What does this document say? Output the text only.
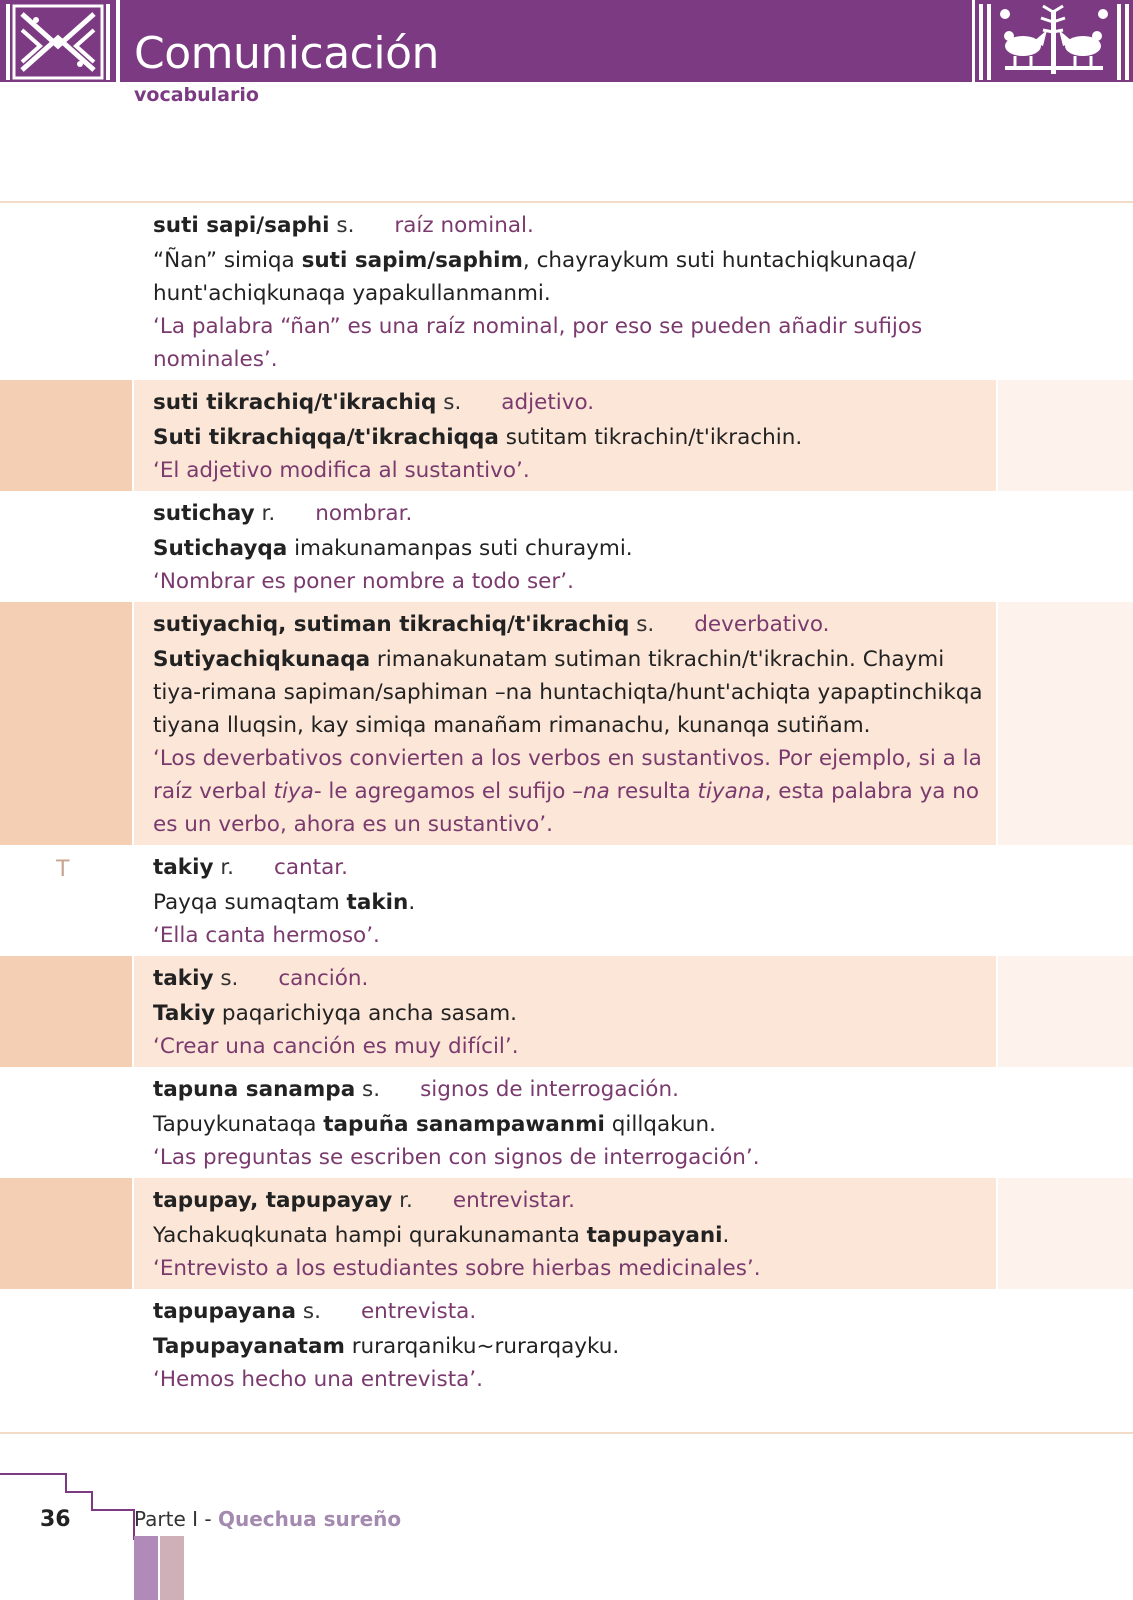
Comunicación
vocabulario

suti sapi/saphi s. raíz nominal.

“Ñan” simiqa suti sapim/saphim, chayraykum suti huntachiqkunaqa/ hunt'achiqkunaqa yapakullanmanmi.

‘La palabra “ñan” es una raíz nominal, por eso se pueden añadir sufijos nominales’.

suti tikrachiq/t'ikrachiq s. adjetivo.

Suti tikrachiqqa/t'ikrachiqqa sutitam tikrachin/t'ikrachin.

‘El adjetivo modifica al sustantivo’.

sutichay r. nombrar.

Sutichayqa imakunamanpas suti churaymi.

‘Nombrar es poner nombre a todo ser’.

sutiyachiq, sutiman tikrachiq/t'ikrachiq s. deverbativo.

Sutiyachiqkunaqa rimanakunatam sutiman tikrachin/t'ikrachin. Chaymi tiya-rimana sapiman/saphiman –na huntachiqta/hunt'achiqta yapaptinchikqa tiyana lluqsin, kay simiqa manañam rimanachu, kunanqa sutiñam.

‘Los deverbativos convierten a los verbos en sustantivos. Por ejemplo, si a la raíz verbal tiya- le agregamos el sufijo –na resulta tiyana, esta palabra ya no es un verbo, ahora es un sustantivo’.

T	takiy r. cantar.

Payqa sumaqtam takin.

‘Ella canta hermoso’.

takiy s. canción.

Takiy paqarichiyqa ancha sasam.

‘Crear una canción es muy difícil’.

tapuna sanampa s. signos de interrogación.

Tapuykunataqa tapuña sanampawanmi qillqakun.

‘Las preguntas se escriben con signos de interrogación’.

tapupay, tapupayay r. entrevistar.

Yachakuqkunata hampi qurakunamanta tapupayani.

‘Entrevisto a los estudiantes sobre hierbas medicinales’.

tapupayana s. entrevista.

Tapupayanatam rurarqaniku~rurarqayku.

‘Hemos hecho una entrevista’.

36	Parte I - Quechua sureño
